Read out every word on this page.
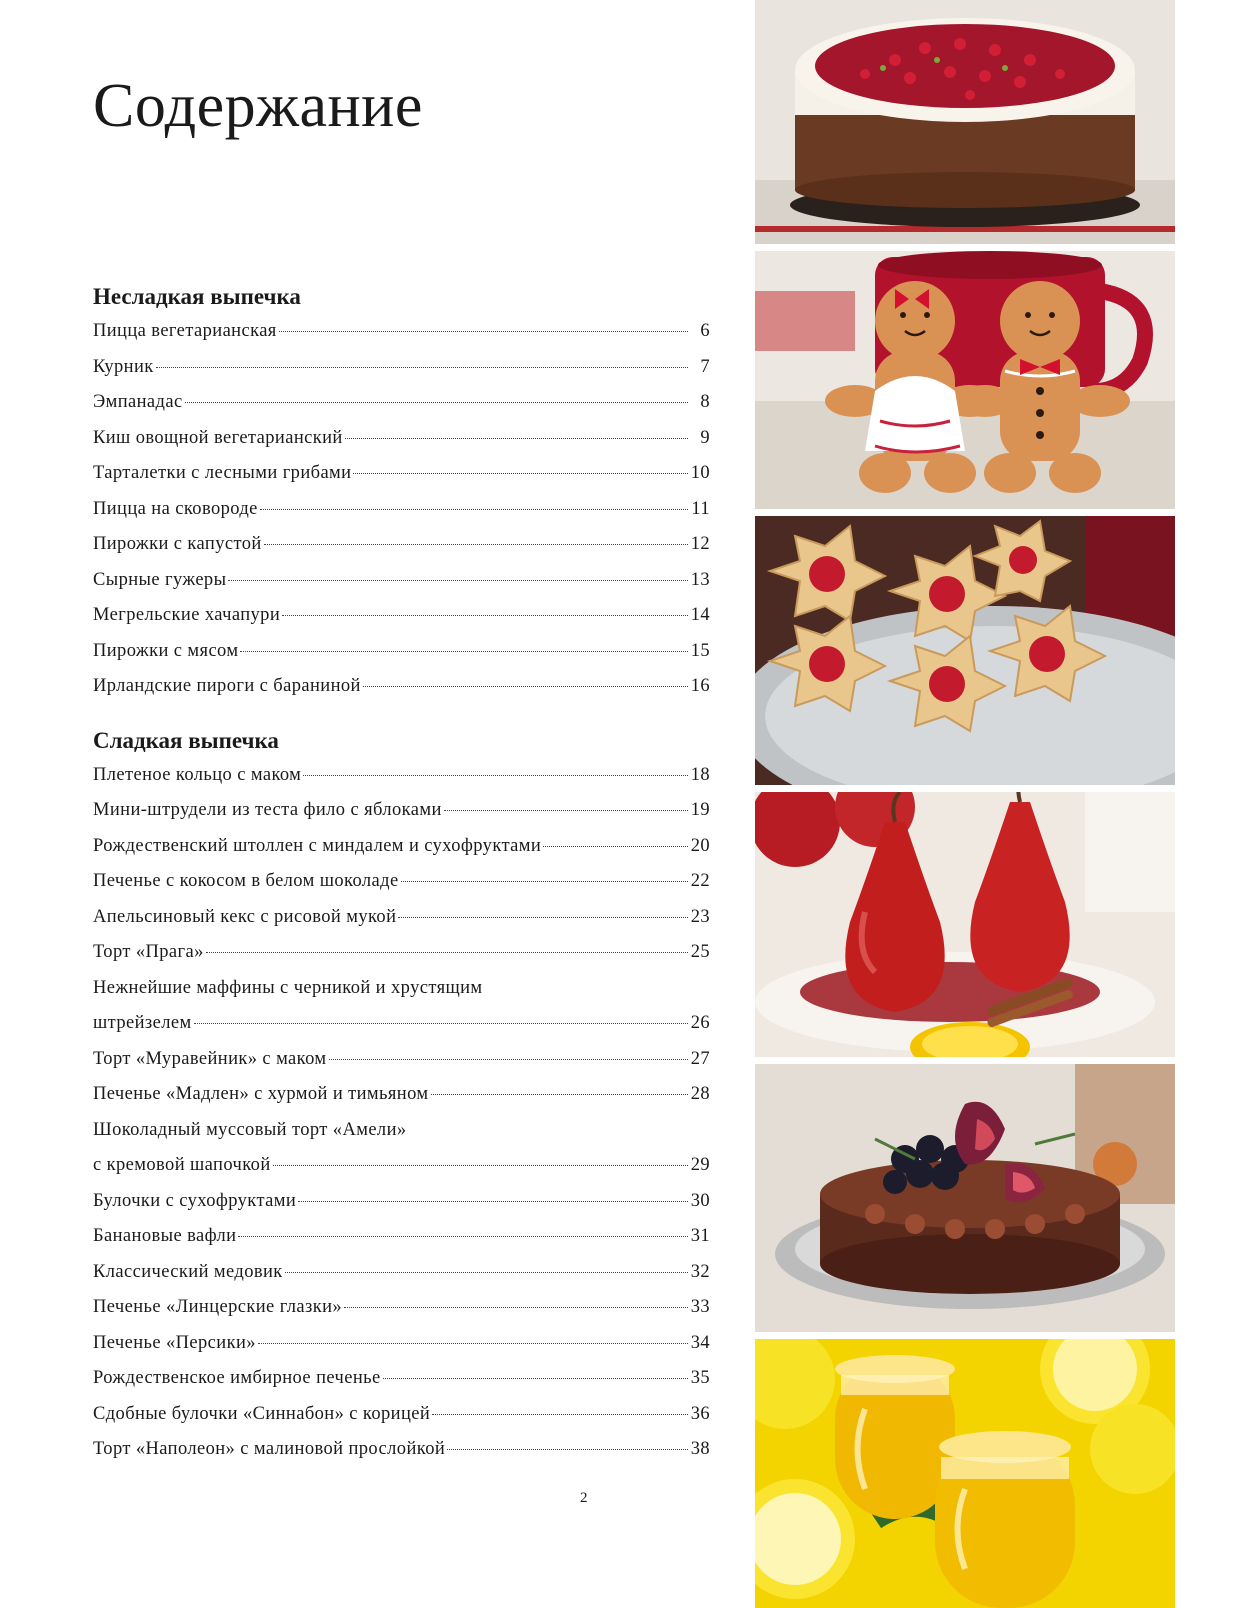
Содержание
Несладкая выпечка
Пицца вегетарианская	6
Курник	7
Эмпанадас	8
Киш овощной вегетарианский	9
Тарталетки с лесными грибами	10
Пицца на сковороде	11
Пирожки с капустой	12
Сырные гужеры	13
Мегрельские хачапури	14
Пирожки с мясом	15
Ирландские пироги с бараниной	16
Сладкая выпечка
Плетеное кольцо с маком	18
Мини-штрудели из теста фило с яблоками	19
Рождественский штоллен с миндалем и сухофруктами	20
Печенье с кокосом в белом шоколаде	22
Апельсиновый кекс с рисовой мукой	23
Торт «Прага»	25
Нежнейшие маффины с черникой и хрустящим
штрейзелем	26
Торт «Муравейник» с маком	27
Печенье «Мадлен» с хурмой и тимьяном	28
Шоколадный муссовый торт «Амели»
с кремовой шапочкой	29
Булочки с сухофруктами	30
Банановые вафли	31
Классический медовик	32
Печенье «Линцерские глазки»	33
Печенье «Персики»	34
Рождественское имбирное печенье	35
Сдобные булочки «Синнабон» с корицей	36
Торт «Наполеон» с малиновой прослойкой	38
2
